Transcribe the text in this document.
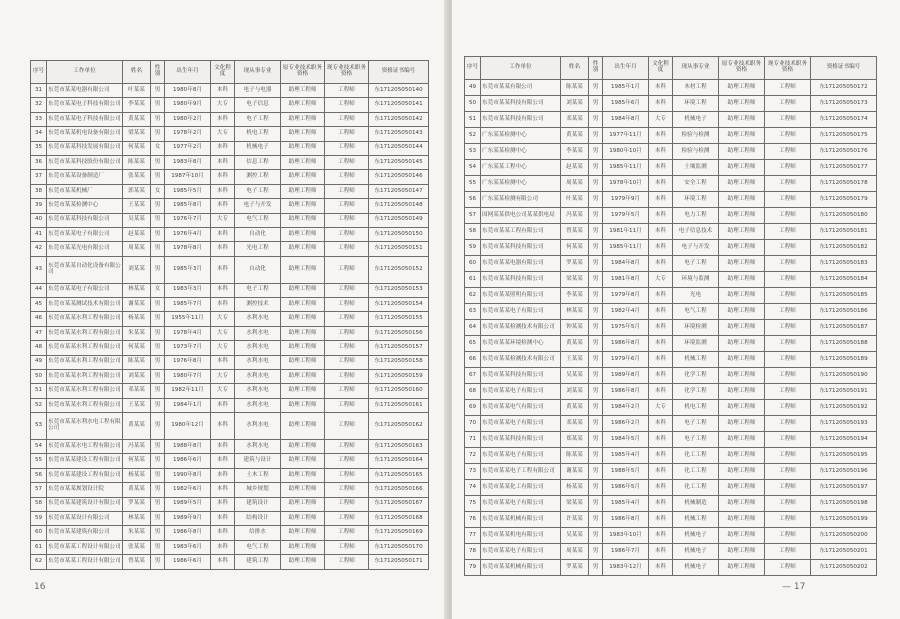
序号	工作单位	姓名	性别	出生年月	文化程度	现从事专业	原专业技术职务资格	现专业技术职务资格	资格证书编号
31	东莞市某某电器有限公司	叶某某	男	1980年8月	本科	电子与电器	助理工程师	工程师	东171205050140
32	东莞市某某电子科技有限公司	李某某	男	1980年9月	大专	电子信息	助理工程师	工程师	东171205050141
33	东莞市某某电子科技有限公司	黄某某	男	1980年2月	本科	电子工程	助理工程师	工程师	东171205050142
34	东莞市某某机电设备有限公司	梁某某	男	1978年2月	大专	机电工程	助理工程师	工程师	东171205050143
35	东莞市某某科技发展有限公司	何某某	女	1977年2月	本科	机械电子	助理工程师	工程师	东171205050144
36	东莞市某某科技股份有限公司	陈某某	男	1983年8月	本科	信息工程	助理工程师	工程师	东171205050145
37	东莞市某某设备制造厂	张某某	男	1987年10月	本科	测控工程	助理工程师	工程师	东171205050146
38	东莞市某某机械厂	郭某某	女	1985年5月	本科	电子工程	助理工程师	工程师	东171205050147
39	东莞市某某检测中心	王某某	男	1985年8月	本科	电子与开发	助理工程师	工程师	东171205050148
40	东莞市某某科技有限公司	吴某某	男	1976年7月	大专	电气工程	助理工程师	工程师	东171205050149
41	东莞市某某电子有限公司	赵某某	男	1976年4月	本科	自动化	助理工程师	工程师	东171205050150
42	东莞市某某光电有限公司	周某某	男	1978年8月	本科	光电工程	助理工程师	工程师	东171205050151
43	东莞市某某自动化设备有限公司	刘某某	男	1985年3月	本科	自动化	助理工程师	工程师	东171205050152
44	东莞市某某电子有限公司	林某某	女	1983年3月	本科	电子工程	助理工程师	工程师	东171205050153
45	东莞市某某测试技术有限公司	谢某某	男	1985年7月	本科	测控技术	助理工程师	工程师	东171205050154
46	东莞市某某水利工程有限公司	杨某某	男	1955年11月	大专	水利水电	助理工程师	工程师	东171205050155
47	东莞市某某水利工程有限公司	朱某某	男	1978年4月	大专	水利水电	助理工程师	工程师	东171205050156
48	东莞市某某水利工程有限公司	何某某	男	1973年7月	大专	水利水电	助理工程师	工程师	东171205050157
49	东莞市某某水利工程有限公司	陈某某	男	1976年8月	本科	水利水电	助理工程师	工程师	东171205050158
50	东莞市某某水利工程有限公司	刘某某	男	1980年7月	大专	水利水电	助理工程师	工程师	东171205050159
51	东莞市某某水利工程有限公司	邓某某	男	1982年11月	大专	水利水电	助理工程师	工程师	东171205050160
52	东莞市某某水利工程有限公司	王某某	男	1984年1月	本科	水利水电	助理工程师	工程师	东171205050161
53	东莞市某某水利水电工程有限公司	黄某某	男	1980年12月	本科	水利水电	助理工程师	工程师	东171205050162
54	东莞市某某水电工程有限公司	冯某某	男	1988年8月	本科	水利水电	助理工程师	工程师	东171205050163
55	东莞市某某建设工程有限公司	何某某	男	1986年6月	本科	建筑与设计	助理工程师	工程师	东171205050164
56	东莞市某某建设工程有限公司	杨某某	男	1990年8月	本科	土木工程	助理工程师	工程师	东171205050165
57	东莞市某某规划设计院	黄某某	男	1982年6月	本科	城乡规划	助理工程师	工程师	东171205050166
58	东莞市某某建筑设计有限公司	罗某某	男	1989年5月	本科	建筑设计	助理工程师	工程师	东171205050167
59	东莞市某某设计有限公司	林某某	男	1989年9月	本科	结构设计	助理工程师	工程师	东171205050168
60	东莞市某某建筑有限公司	朱某某	男	1986年8月	本科	给排水	助理工程师	工程师	东171205050169
61	东莞市某某工程设计有限公司	张某某	男	1983年6月	本科	电气工程	助理工程师	工程师	东171205050170
62	东莞市某某工程设计有限公司	曾某某	男	1986年6月	本科	建筑工程	助理工程师	工程师	东171205050171
16
序号	工作单位	姓名	性别	出生年月	文化程度	现从事专业	原专业技术职务资格	现专业技术职务资格	资格证书编号
49	东莞市某某有限公司	陈某某	男	1985年1月	本科	木材工程	助理工程师	工程师	东171205050172
50	东莞市某某科技有限公司	刘某某	男	1985年6月	本科	环境工程	助理工程师	工程师	东171205050173
51	东莞市某某科技有限公司	邓某某	男	1984年8月	大专	机械电子	助理工程师	工程师	东171205050174
52	广东某某检测中心	黄某某	男	1977年11月	本科	检验与检测	助理工程师	工程师	东171205050175
53	广东某某检测中心	李某某	男	1980年10月	本科	检验与检测	助理工程师	工程师	东171205050176
54	广东某某工程中心	赵某某	男	1985年11月	本科	土壤监测	助理工程师	工程师	东171205050177
55	广东某某检测中心	周某某	男	1978年10月	本科	安全工程	助理工程师	工程师	东171205050178
56	广东某某检测有限公司	叶某某	男	1979年9月	本科	环境工程	助理工程师	工程师	东171205050179
57	国网某某供电公司某某供电局	冯某某	男	1979年5月	本科	电力工程	助理工程师	工程师	东171205050180
58	东莞市某某工程有限公司	曾某某	男	1981年11月	本科	电子信息技术	助理工程师	工程师	东171205050181
59	东莞市某某科技有限公司	何某某	男	1985年11月	本科	电子与开发	助理工程师	工程师	东171205050182
60	东莞市某某电器有限公司	罗某某	男	1984年8月	本科	电子工程	助理工程师	工程师	东171205050183
61	东莞市某某科技有限公司	梁某某	男	1981年8月	大专	环境与监测	助理工程师	工程师	东171205050184
62	东莞市某某照明有限公司	李某某	男	1979年8月	本科	光电	助理工程师	工程师	东171205050185
63	东莞市某某电子有限公司	林某某	男	1982年4月	本科	电气工程	助理工程师	工程师	东171205050186
64	东莞市某某检测技术有限公司	钟某某	男	1975年5月	本科	环境检测	助理工程师	工程师	东171205050187
65	东莞市某某环境检测中心	黄某某	男	1986年8月	本科	环境监测	助理工程师	工程师	东171205050188
66	东莞市某某检测技术有限公司	王某某	男	1979年6月	本科	机械工程	助理工程师	工程师	东171205050189
67	东莞市某某科技有限公司	吴某某	男	1989年8月	本科	化学工程	助理工程师	工程师	东171205050190
68	东莞市某某电子有限公司	刘某某	男	1986年8月	本科	化学工程	助理工程师	工程师	东171205050191
69	东莞市某某电气有限公司	黄某某	男	1984年2月	大专	机电工程	助理工程师	工程师	东171205050192
70	东莞市某某电子有限公司	邓某某	男	1986年2月	本科	电子工程	助理工程师	工程师	东171205050193
71	东莞市某某科技有限公司	郑某某	男	1984年5月	本科	电子工程	助理工程师	工程师	东171205050194
72	东莞市某某电子有限公司	陈某某	男	1985年4月	本科	化工工程	助理工程师	工程师	东171205050195
73	东莞市某某电子工程有限公司	谢某某	男	1988年5月	本科	化工工程	助理工程师	工程师	东171205050196
74	东莞市某某化工有限公司	杨某某	男	1986年5月	本科	化工工程	助理工程师	工程师	东171205050197
75	东莞市某某电子有限公司	梁某某	男	1985年4月	本科	机械制造	助理工程师	工程师	东171205050198
76	东莞市某某机械有限公司	许某某	男	1986年8月	本科	机械工程	助理工程师	工程师	东171205050199
77	东莞市某某机电有限公司	吴某某	男	1983年10月	本科	机械电子	助理工程师	工程师	东171205050200
78	东莞市某某电子有限公司	周某某	男	1986年7月	本科	机械电子	助理工程师	工程师	东171205050201
79	东莞市某某机械有限公司	罗某某	男	1983年12月	本科	机械电子	助理工程师	工程师	东171205050202
— 17
